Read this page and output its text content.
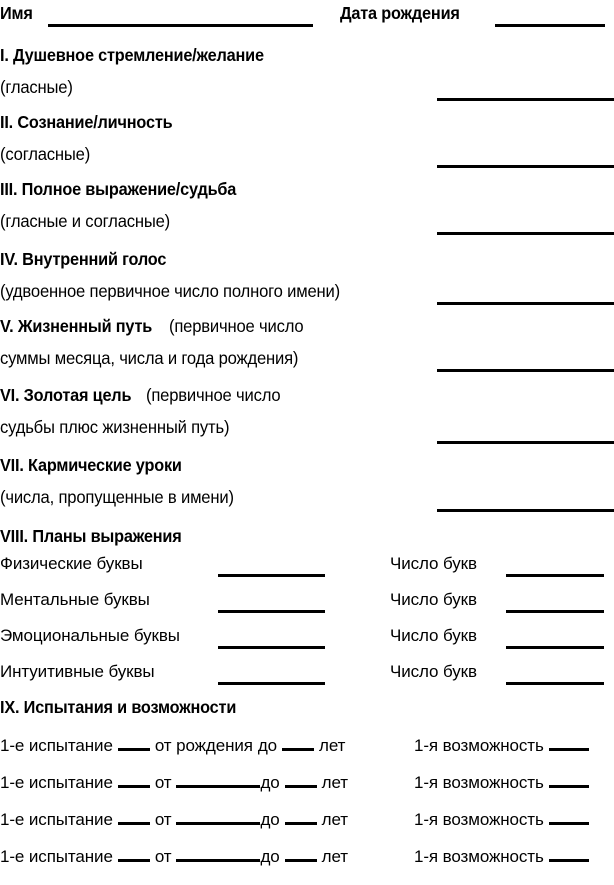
Имя	Дата рождения
I. Душевное стремление/желание
(гласные)
II. Сознание/личность
(согласные)
III. Полное выражение/судьба
(гласные и согласные)
IV. Внутренний голос
(удвоенное первичное число полного имени)
V. Жизненный путь (первичное число
суммы месяца, числа и года рождения)
VI. Золотая цель (первичное число
судьбы плюс жизненный путь)
VII. Кармические уроки
(числа, пропущенные в имени)
VIII. Планы выражения
Физические буквы	Число букв
Ментальные буквы	Число букв
Эмоциональные буквы	Число букв
Интуитивные буквы	Число букв
IX. Испытания и возможности
1-е испытание от рождения до лет	1-я возможность
1-е испытание от	до лет	1-я возможность
1-е испытание от	до лет	1-я возможность
1-е испытание от	до лет	1-я возможность
